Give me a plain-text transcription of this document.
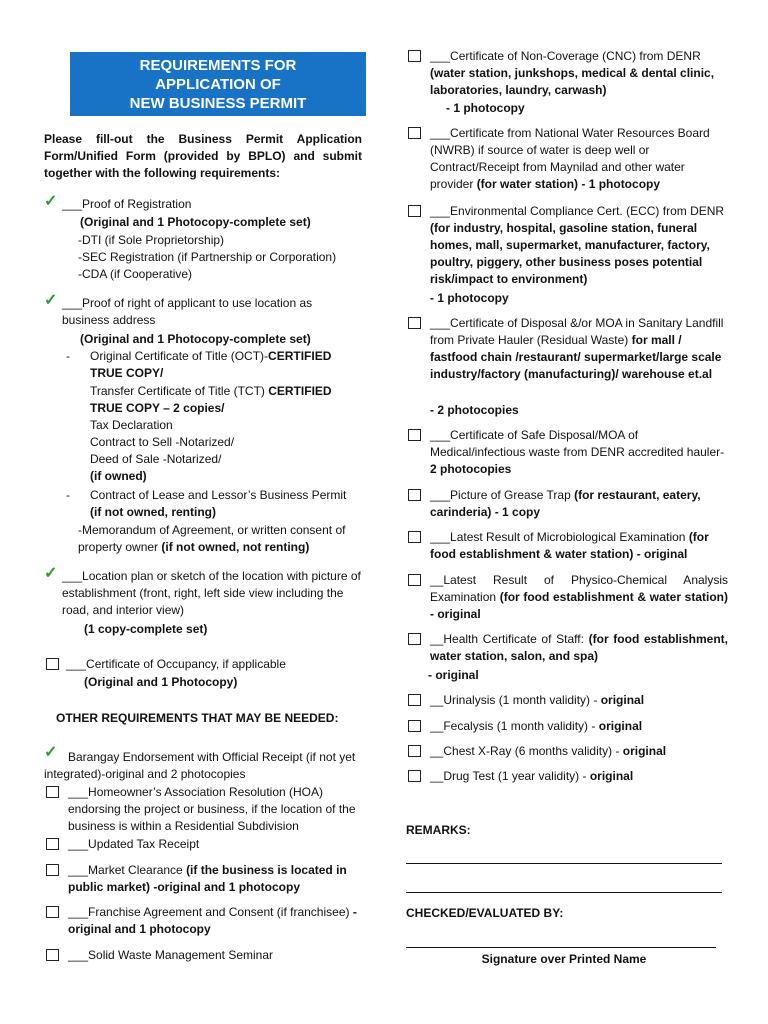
REQUIREMENTS FOR
APPLICATION OF
NEW BUSINESS PERMIT
Please fill-out the Business Permit Application Form/Unified Form (provided by BPLO) and submit together with the following requirements:
✓ ___Proof of Registration
(Original and 1 Photocopy-complete set)
-DTI (if Sole Proprietorship)
-SEC Registration (if Partnership or Corporation)
-CDA (if Cooperative)
✓ ___Proof of right of applicant to use location as business address
(Original and 1 Photocopy-complete set)
- Original Certificate of Title (OCT)-CERTIFIED TRUE COPY/
Transfer Certificate of Title (TCT) CERTIFIED TRUE COPY – 2 copies/
Tax Declaration
Contract to Sell -Notarized/
Deed of Sale -Notarized/
(if owned)
- Contract of Lease and Lessor’s Business Permit
(if not owned, renting)
-Memorandum of Agreement, or written consent of property owner (if not owned, not renting)
✓ ___Location plan or sketch of the location with picture of establishment (front, right, left side view including the road, and interior view)
(1 copy-complete set)
___Certificate of Occupancy, if applicable
(Original and 1 Photocopy)
OTHER REQUIREMENTS THAT MAY BE NEEDED:
✓ Barangay Endorsement with Official Receipt (if not yet integrated)-original and 2 photocopies
___Homeowner’s Association Resolution (HOA) endorsing the project or business, if the location of the business is within a Residential Subdivision
___Updated Tax Receipt
___Market Clearance (if the business is located in public market) -original and 1 photocopy
___Franchise Agreement and Consent (if franchisee) -original and 1 photocopy
___Solid Waste Management Seminar
___Certificate of Non-Coverage (CNC) from DENR (water station, junkshops, medical & dental clinic, laboratories, laundry, carwash)
- 1 photocopy
___Certificate from National Water Resources Board (NWRB) if source of water is deep well or Contract/Receipt from Maynilad and other water provider (for water station) - 1 photocopy
___Environmental Compliance Cert. (ECC) from DENR (for industry, hospital, gasoline station, funeral homes, mall, supermarket, manufacturer, factory, poultry, piggery, other business poses potential risk/impact to environment)
- 1 photocopy
___Certificate of Disposal &/or MOA in Sanitary Landfill from Private Hauler (Residual Waste) for mall / fastfood chain /restaurant/ supermarket/large scale industry/factory (manufacturing)/ warehouse et.al
- 2 photocopies
___Certificate of Safe Disposal/MOA of Medical/infectious waste from DENR accredited hauler- 2 photocopies
___Picture of Grease Trap (for restaurant, eatery, carinderia) - 1 copy
___Latest Result of Microbiological Examination (for food establishment & water station) - original
__Latest Result of Physico-Chemical Analysis Examination (for food establishment & water station) - original
__Health Certificate of Staff: (for food establishment, water station, salon, and spa)
- original
__Urinalysis (1 month validity) - original
__Fecalysis (1 month validity) - original
__Chest X-Ray (6 months validity) - original
__Drug Test (1 year validity) - original
REMARKS:
CHECKED/EVALUATED BY:
Signature over Printed Name
